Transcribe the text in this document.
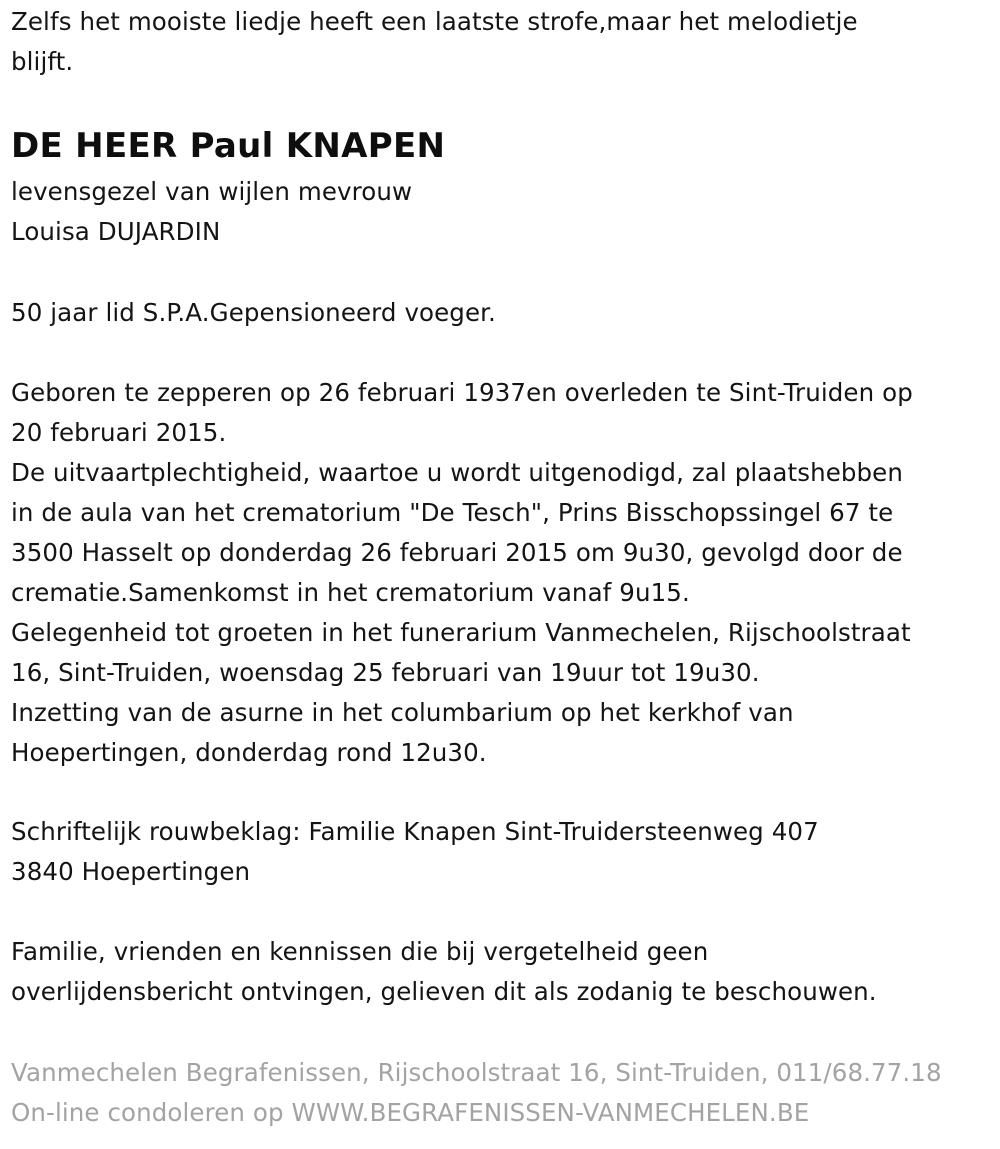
Zelfs het mooiste liedje heeft een laatste strofe,maar het melodietje
blijft.
DE HEER Paul KNAPEN
levensgezel van wijlen mevrouw
Louisa DUJARDIN
50 jaar lid S.P.A.Gepensioneerd voeger.
Geboren te zepperen op 26 februari 1937en overleden te Sint-Truiden op
20 februari 2015.
De uitvaartplechtigheid, waartoe u wordt uitgenodigd, zal plaatshebben
in de aula van het crematorium "De Tesch", Prins Bisschopssingel 67 te
3500 Hasselt op donderdag 26 februari 2015 om 9u30, gevolgd door de
crematie.Samenkomst in het crematorium vanaf 9u15.
Gelegenheid tot groeten in het funerarium Vanmechelen, Rijschoolstraat
16, Sint-Truiden, woensdag 25 februari van 19uur tot 19u30.
Inzetting van de asurne in het columbarium op het kerkhof van
Hoepertingen, donderdag rond 12u30.
Schriftelijk rouwbeklag: Familie Knapen Sint-Truidersteenweg 407
3840 Hoepertingen
Familie, vrienden en kennissen die bij vergetelheid geen
overlijdensbericht ontvingen, gelieven dit als zodanig te beschouwen.
Vanmechelen Begrafenissen, Rijschoolstraat 16, Sint-Truiden, 011/68.77.18
On-line condoleren op WWW.BEGRAFENISSEN-VANMECHELEN.BE
